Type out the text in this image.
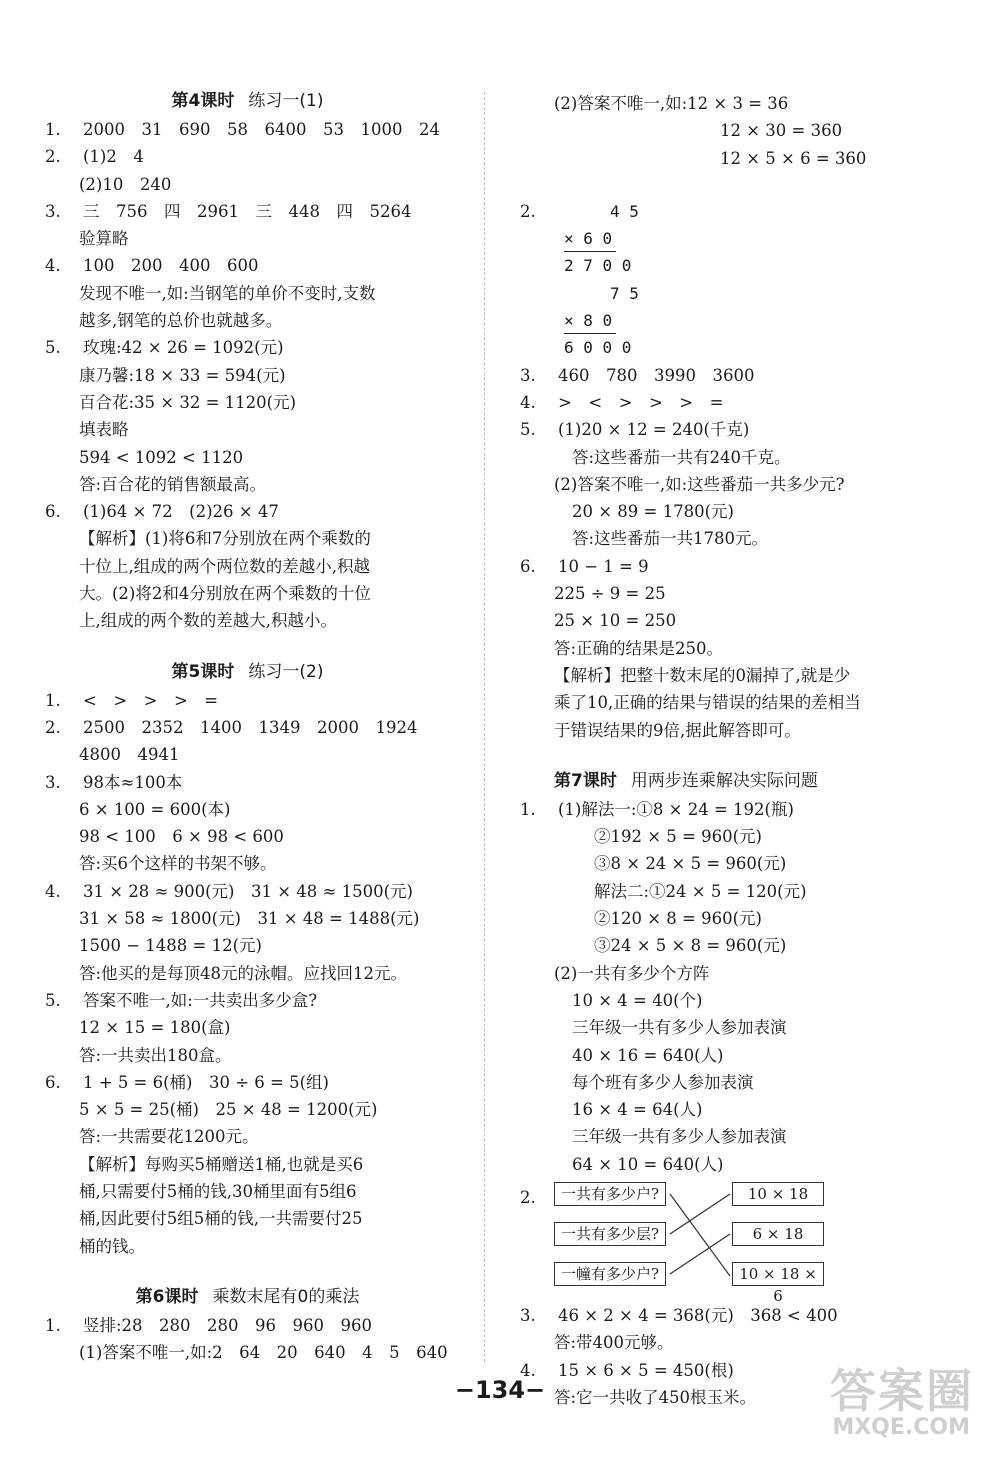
第4课时 练习一(1)
1. 2000　31　690　58　6400　53　1000　24
2. (1)2　4
(2)10　240
3. 三　756　四　2961　三　448　四　5264
验算略
4. 100　200　400　600
发现不唯一,如:当钢笔的单价不变时,支数
越多,钢笔的总价也就越多。
5. 玫瑰:42 × 26 = 1092(元)
康乃馨:18 × 33 = 594(元)
百合花:35 × 32 = 1120(元)
填表略
594 < 1092 < 1120
答:百合花的销售额最高。
6. (1)64 × 72　(2)26 × 47
【解析】(1)将6和7分别放在两个乘数的
十位上,组成的两个两位数的差越小,积越
大。(2)将2和4分别放在两个乘数的十位
上,组成的两个数的差越大,积越小。
第5课时 练习一(2)
1. <　>　>　>　=
2. 2500　2352　1400　1349　2000　1924
4800　4941
3. 98本≈100本
6 × 100 = 600(本)
98 < 100　6 × 98 < 600
答:买6个这样的书架不够。
4. 31 × 28 ≈ 900(元)　31 × 48 ≈ 1500(元)
31 × 58 ≈ 1800(元)　31 × 48 = 1488(元)
1500 − 1488 = 12(元)
答:他买的是每顶48元的泳帽。应找回12元。
5. 答案不唯一,如:一共卖出多少盒?
12 × 15 = 180(盒)
答:一共卖出180盒。
6. 1 + 5 = 6(桶)　30 ÷ 6 = 5(组)
5 × 5 = 25(桶)　25 × 48 = 1200(元)
答:一共需要花1200元。
【解析】每购买5桶赠送1桶,也就是买6
桶,只需要付5桶的钱,30桶里面有5组6
桶,因此要付5组5桶的钱,一共需要付25
桶的钱。
第6课时 乘数末尾有0的乘法
1. 竖排:28　280　280　96　960　960
(1)答案不唯一,如:2　64　20　640　4　5　640
(2)答案不唯一,如:12 × 3 = 36
12 × 30 = 360
12 × 5 × 6 = 360
2.	4 5
× 6 0
2 7 0 0
7 5
× 8 0
6 0 0 0
3. 460　780　3990　3600
4. >　<　>　>　>　=
5. (1)20 × 12 = 240(千克)
答:这些番茄一共有240千克。
(2)答案不唯一,如:这些番茄一共多少元?
20 × 89 = 1780(元)
答:这些番茄一共1780元。
6. 10 − 1 = 9
225 ÷ 9 = 25
25 × 10 = 250
答:正确的结果是250。
【解析】把整十数末尾的0漏掉了,就是少
乘了10,正确的结果与错误的结果的差相当
于错误结果的9倍,据此解答即可。
第7课时 用两步连乘解决实际问题
1. (1)解法一:①8 × 24 = 192(瓶)
②192 × 5 = 960(元)
③8 × 24 × 5 = 960(元)
解法二:①24 × 5 = 120(元)
②120 × 8 = 960(元)
③24 × 5 × 8 = 960(元)
(2)一共有多少个方阵
10 × 4 = 40(个)
三年级一共有多少人参加表演
40 × 16 = 640(人)
每个班有多少人参加表演
16 × 4 = 64(人)
三年级一共有多少人参加表演
64 × 10 = 640(人)
2.	一共有多少户?
一共有多少层?
一幢有多少户?
10 × 18
6 × 18
10 × 18 × 6
3. 46 × 2 × 4 = 368(元)　368 < 400
答:带400元够。
4. 15 × 6 × 5 = 450(根)
答:它一共收了450根玉米。
−134−	答案圈
MXQE.COM
